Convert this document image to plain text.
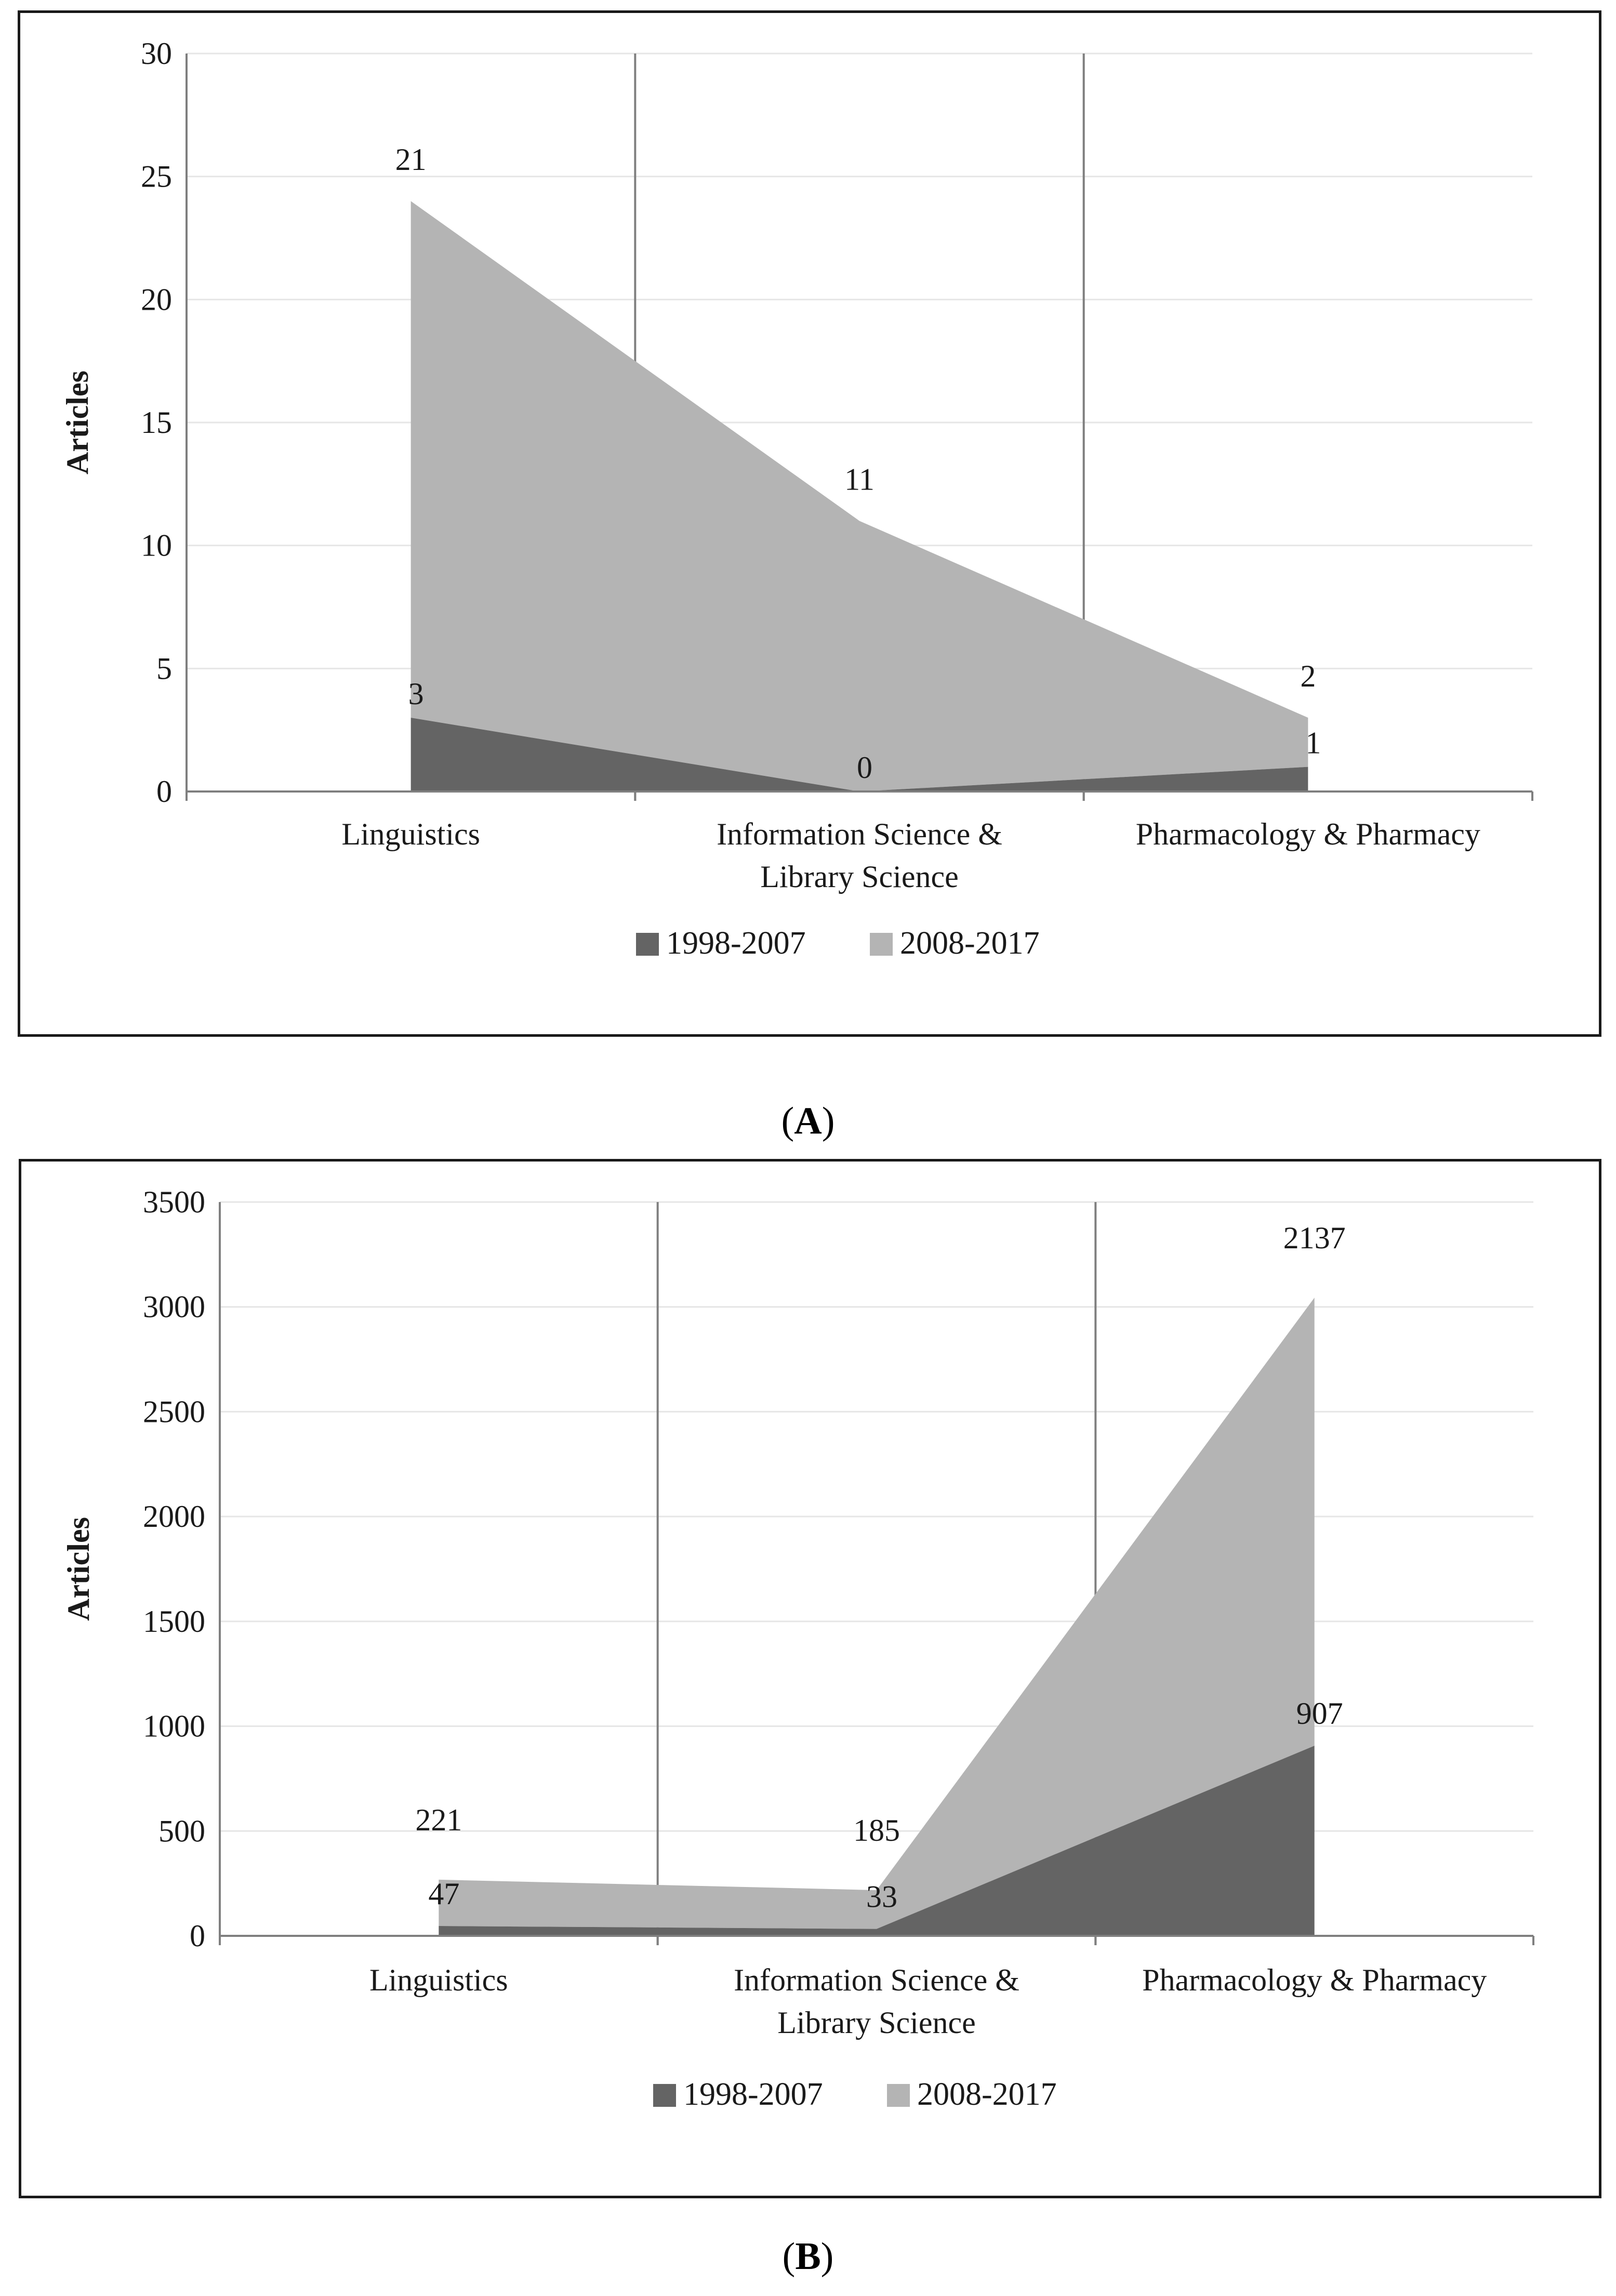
0
5
10
15
20
25
30
3
0
1
21
11
2
Linguistics	Information Science &
Library Science
Pharmacology & Pharmacy
Articles
1998-2007	2008-2017
(A)
0
500
1000
1500
2000
2500
3000
3500
47	33
907
221	185
2137
Linguistics	Information Science &
Library Science
Pharmacology & Pharmacy
Articles
1998-2007	2008-2017
(B)
